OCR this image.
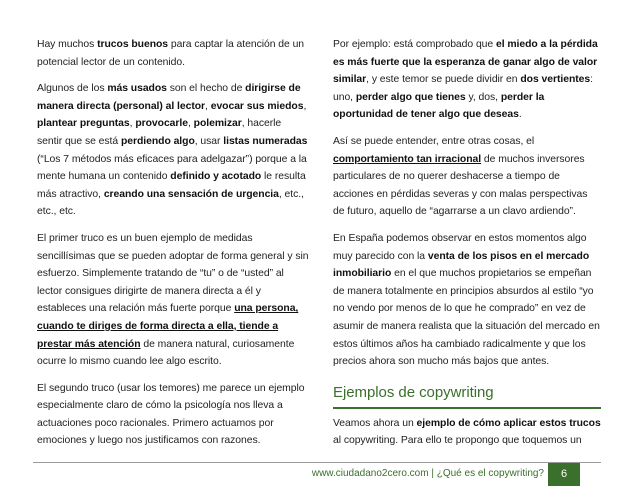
Hay muchos trucos buenos para captar la atención de un potencial lector de un contenido.

Algunos de los más usados son el hecho de dirigirse de manera directa (personal) al lector, evocar sus miedos, plantear preguntas, provocarle, polemizar, hacerle sentir que se está perdiendo algo, usar listas numeradas (“Los 7 métodos más eficaces para adelgazar”) porque a la mente humana un contenido definido y acotado le resulta más atractivo, creando una sensación de urgencia, etc., etc., etc.

El primer truco es un buen ejemplo de medidas sencillísimas que se pueden adoptar de forma general y sin esfuerzo. Simplemente tratando de “tu” o de “usted” al lector consigues dirigirte de manera directa a él y estableces una relación más fuerte porque una persona, cuando te diriges de forma directa a ella, tiende a prestar más atención de manera natural, curiosamente ocurre lo mismo cuando lee algo escrito.

El segundo truco (usar los temores) me parece un ejemplo especialmente claro de cómo la psicología nos lleva a actuaciones poco racionales. Primero actuamos por emociones y luego nos justificamos con razones.

Por ejemplo: está comprobado que el miedo a la pérdida es más fuerte que la esperanza de ganar algo de valor similar, y este temor se puede dividir en dos vertientes: uno, perder algo que tienes y, dos, perder la oportunidad de tener algo que deseas.

Así se puede entender, entre otras cosas, el comportamiento tan irracional de muchos inversores particulares de no querer deshacerse a tiempo de acciones en pérdidas severas y con malas perspectivas de futuro, aquello de “agarrarse a un clavo ardiendo”.

En España podemos observar en estos momentos algo muy parecido con la venta de los pisos en el mercado inmobiliario en el que muchos propietarios se empeñan de manera totalmente en principios absurdos al estilo “yo no vendo por menos de lo que he comprado” en vez de asumir de manera realista que la situación del mercado en estos últimos años ha cambiado radicalmente y que los precios ahora son mucho más bajos que antes.

Ejemplos de copywriting

Veamos ahora un ejemplo de cómo aplicar estos trucos al copywriting. Para ello te propongo que toquemos un

www.ciudadano2cero.com | ¿Qué es el copywriting?	6
